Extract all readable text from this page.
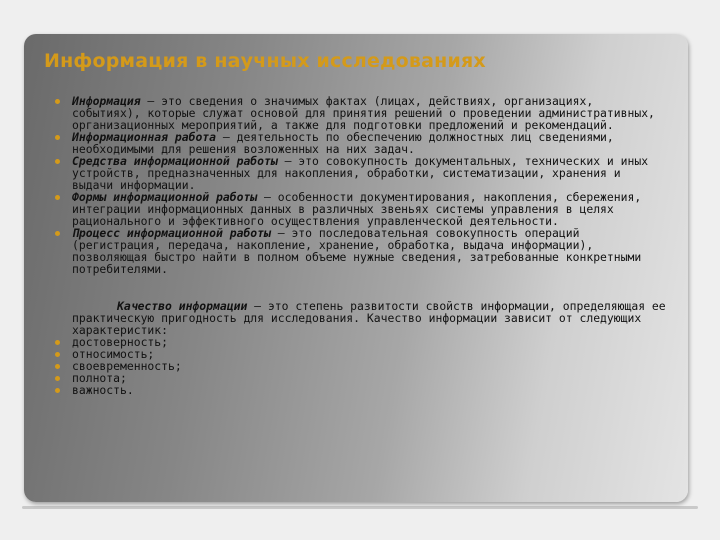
Информация в научных исследованиях
Информация – это сведения о значимых фактах (лицах, действиях, организациях, событиях), которые служат основой для принятия решений о проведении административных, организационных мероприятий, а также для подготовки предложений и рекомендаций.
Информационная работа – деятельность по обеспечению должностных лиц сведениями, необходимыми для решения возложенных на них задач.
Средства информационной работы – это совокупность документальных, технических и иных устройств, предназначенных для накопления, обработки, систематизации, хранения и выдачи информации.
Формы информационной работы – особенности документирования, накопления, сбережения, интеграции информационных данных в различных звеньях системы управления в целях рационального и эффективного осуществления управленческой деятельности.
Процесс информационной работы – это последовательная совокупность операций (регистрация, передача, накопление, хранение, обработка, выдача информации), позволяющая быстро найти в полном объеме нужные сведения, затребованные конкретными потребителями.
Качество информации – это степень развитости свойств информации, определяющая ее практическую пригодность для исследования. Качество информации зависит от следующих характеристик:
достоверность;
относимость;
своевременность;
полнота;
важность.
